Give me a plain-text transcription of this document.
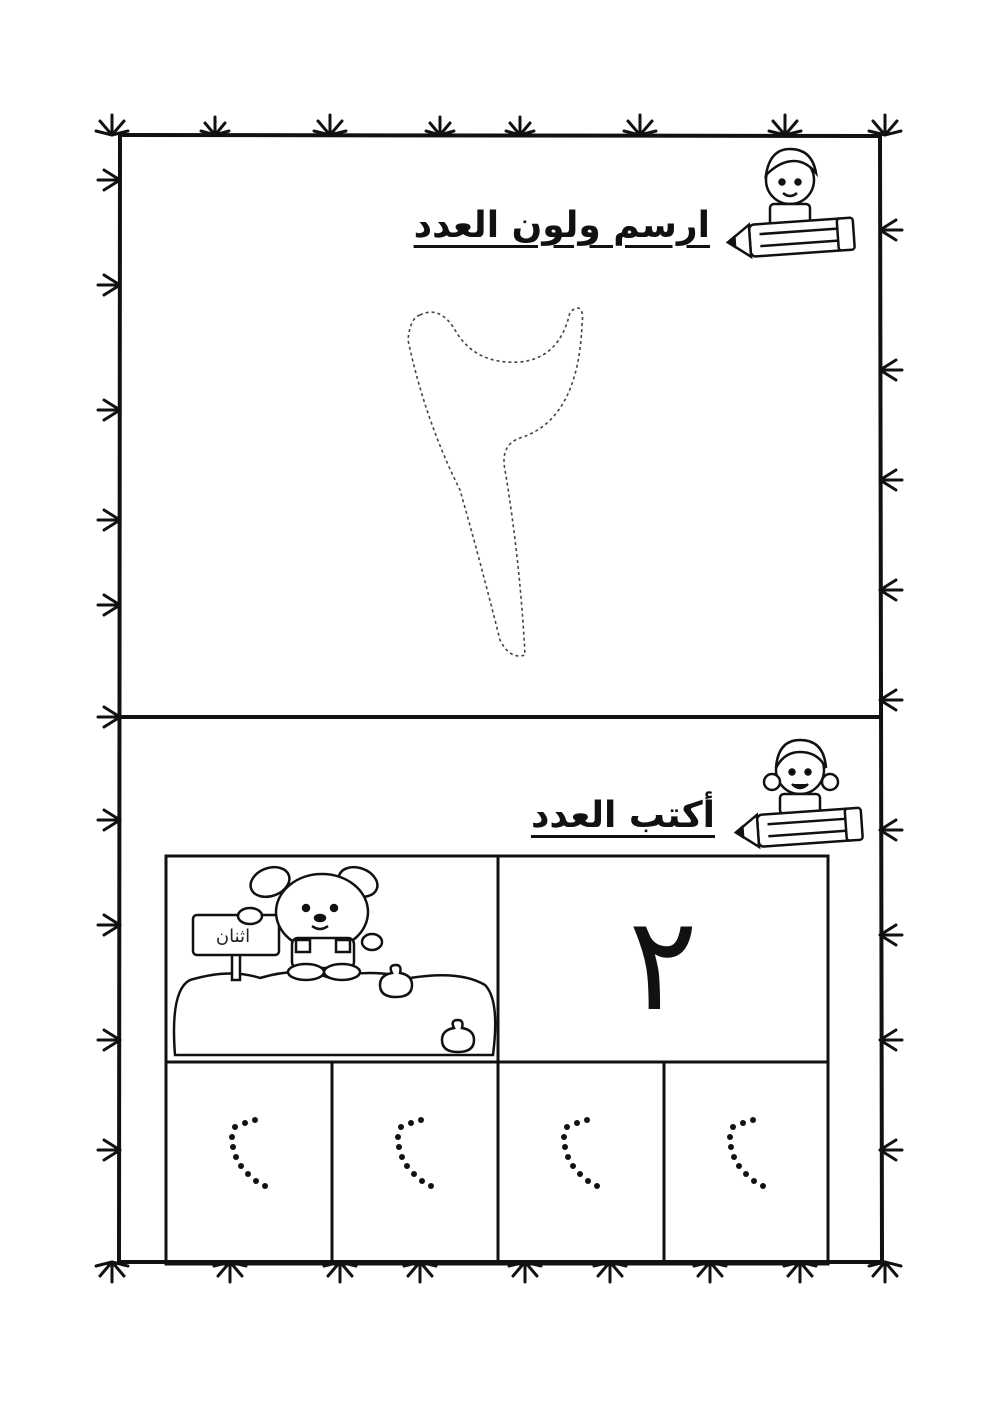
ارسم ولون العدد
أكتب العدد
اثنان	٢
